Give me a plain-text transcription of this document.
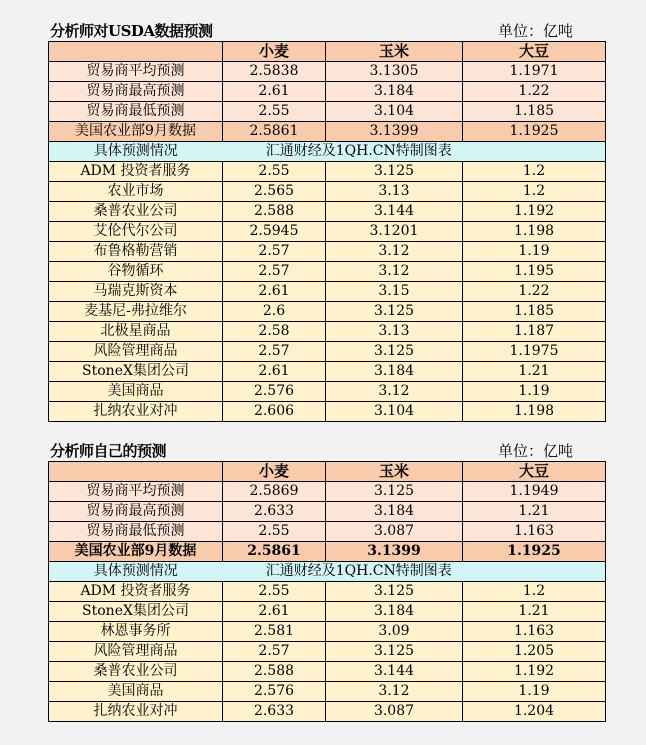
分析师对USDA数据预测	单位：亿吨
	小麦	玉米	大豆
贸易商平均预测	2.5838	3.1305	1.1971
贸易商最高预测	2.61	3.184	1.22
贸易商最低预测	2.55	3.104	1.185
美国农业部9月数据	2.5861	3.1399	1.1925
具体预测情况	汇通财经及1QH.CN特制图表		
ADM 投资者服务	2.55	3.125	1.2
农业市场	2.565	3.13	1.2
桑普农业公司	2.588	3.144	1.192
艾伦代尔公司	2.5945	3.1201	1.198
布鲁格勒营销	2.57	3.12	1.19
谷物循环	2.57	3.12	1.195
马瑞克斯资本	2.61	3.15	1.22
麦基尼-弗拉维尔	2.6	3.125	1.185
北极星商品	2.58	3.13	1.187
风险管理商品	2.57	3.125	1.1975
StoneX集团公司	2.61	3.184	1.21
美国商品	2.576	3.12	1.19
扎纳农业对冲	2.606	3.104	1.198
分析师自己的预测	单位：亿吨
	小麦	玉米	大豆
贸易商平均预测	2.5869	3.125	1.1949
贸易商最高预测	2.633	3.184	1.21
贸易商最低预测	2.55	3.087	1.163
美国农业部9月数据	2.5861	3.1399	1.1925
具体预测情况	汇通财经及1QH.CN特制图表		
ADM 投资者服务	2.55	3.125	1.2
StoneX集团公司	2.61	3.184	1.21
林恩事务所	2.581	3.09	1.163
风险管理商品	2.57	3.125	1.205
桑普农业公司	2.588	3.144	1.192
美国商品	2.576	3.12	1.19
扎纳农业对冲	2.633	3.087	1.204
